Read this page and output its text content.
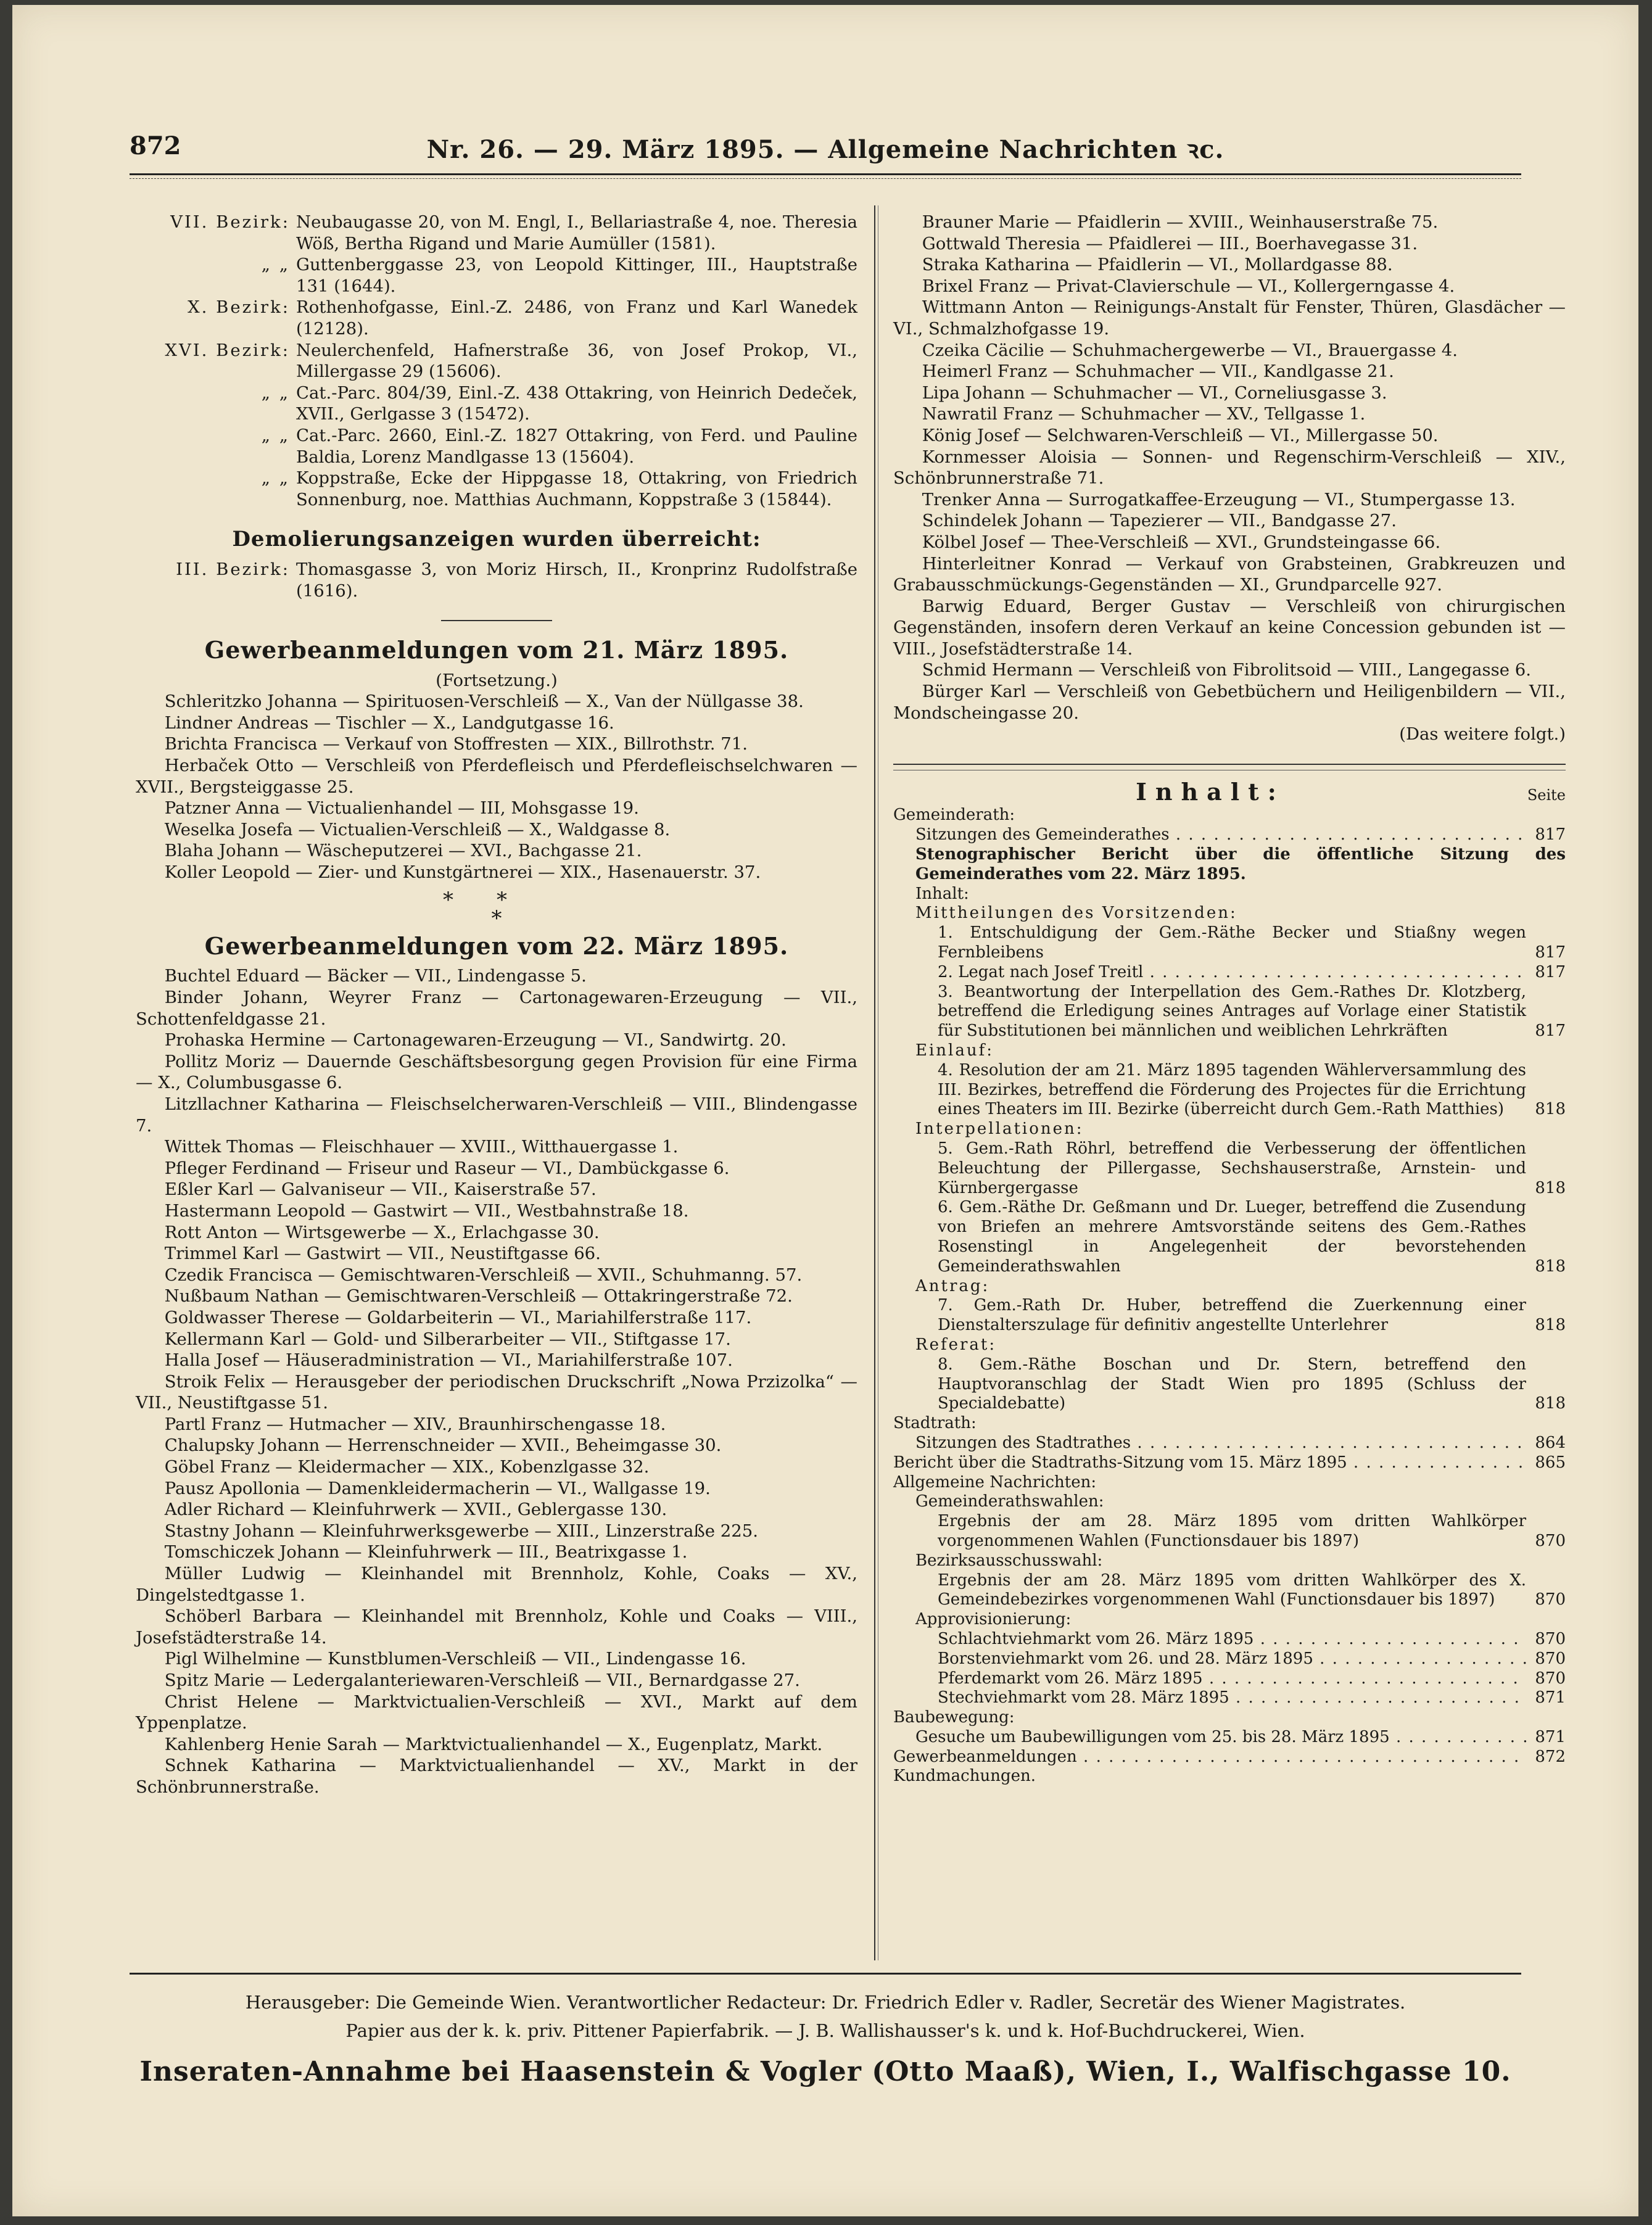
872	Nr. 26. — 29. März 1895. — Allgemeine Nachrichten ꝛc.
VII. Bezirk: Neubaugasse 20, von M. Engl, I., Bellariastraße 4, noe. Theresia Wöß, Bertha Rigand und Marie Aumüller (1581).
„ „ Guttenberggasse 23, von Leopold Kittinger, III., Hauptstraße 131 (1644).
X. Bezirk: Rothenhofgasse, Einl.-Z. 2486, von Franz und Karl Wanedek (12128).
XVI. Bezirk: Neulerchenfeld, Hafnerstraße 36, von Josef Prokop, VI., Millergasse 29 (15606).
„ „ Cat.-Parc. 804/39, Einl.-Z. 438 Ottakring, von Heinrich Dedeček, XVII., Gerlgasse 3 (15472).
„ „ Cat.-Parc. 2660, Einl.-Z. 1827 Ottakring, von Ferd. und Pauline Baldia, Lorenz Mandlgasse 13 (15604).
„ „ Koppstraße, Ecke der Hippgasse 18, Ottakring, von Friedrich Sonnenburg, noe. Matthias Auchmann, Koppstraße 3 (15844).
Demolierungsanzeigen wurden überreicht:
III. Bezirk: Thomasgasse 3, von Moriz Hirsch, II., Kronprinz Rudolfstraße (1616).
Gewerbeanmeldungen vom 21. März 1895.

(Fortsetzung.)

Schleritzko Johanna — Spirituosen-Verschleiß — X., Van der Nüllgasse 38.

Lindner Andreas — Tischler — X., Landgutgasse 16.

Brichta Francisca — Verkauf von Stoffresten — XIX., Billrothstr. 71.

Herbaček Otto — Verschleiß von Pferdefleisch und Pferdefleischselchwaren — XVII., Bergsteiggasse 25.

Patzner Anna — Victualienhandel — III, Mohsgasse 19.

Weselka Josefa — Victualien-Verschleiß — X., Waldgasse 8.

Blaha Johann — Wäscheputzerei — XVI., Bachgasse 21.

Koller Leopold — Zier- und Kunstgärtnerei — XIX., Hasenauerstr. 37.

**
*
Gewerbeanmeldungen vom 22. März 1895.

Buchtel Eduard — Bäcker — VII., Lindengasse 5.

Binder Johann, Weyrer Franz — Cartonagewaren-Erzeugung — VII., Schottenfeldgasse 21.

Prohaska Hermine — Cartonagewaren-Erzeugung — VI., Sandwirtg. 20.

Pollitz Moriz — Dauernde Geschäftsbesorgung gegen Provision für eine Firma — X., Columbusgasse 6.

Litzllachner Katharina — Fleischselcherwaren-Verschleiß — VIII., Blindengasse 7.

Wittek Thomas — Fleischhauer — XVIII., Witthauergasse 1.

Pfleger Ferdinand — Friseur und Raseur — VI., Dambückgasse 6.

Eßler Karl — Galvaniseur — VII., Kaiserstraße 57.

Hastermann Leopold — Gastwirt — VII., Westbahnstraße 18.

Rott Anton — Wirtsgewerbe — X., Erlachgasse 30.

Trimmel Karl — Gastwirt — VII., Neustiftgasse 66.

Czedik Francisca — Gemischtwaren-Verschleiß — XVII., Schuhmanng. 57.

Nußbaum Nathan — Gemischtwaren-Verschleiß — Ottakringerstraße 72.

Goldwasser Therese — Goldarbeiterin — VI., Mariahilferstraße 117.

Kellermann Karl — Gold- und Silberarbeiter — VII., Stiftgasse 17.

Halla Josef — Häuseradministration — VI., Mariahilferstraße 107.

Stroik Felix — Herausgeber der periodischen Druckschrift „Nowa Przizolka“ — VII., Neustiftgasse 51.

Partl Franz — Hutmacher — XIV., Braunhirschengasse 18.

Chalupsky Johann — Herrenschneider — XVII., Beheimgasse 30.

Göbel Franz — Kleidermacher — XIX., Kobenzlgasse 32.

Pausz Apollonia — Damenkleidermacherin — VI., Wallgasse 19.

Adler Richard — Kleinfuhrwerk — XVII., Geblergasse 130.

Stastny Johann — Kleinfuhrwerksgewerbe — XIII., Linzerstraße 225.

Tomschiczek Johann — Kleinfuhrwerk — III., Beatrixgasse 1.

Müller Ludwig — Kleinhandel mit Brennholz, Kohle, Coaks — XV., Dingelstedtgasse 1.

Schöberl Barbara — Kleinhandel mit Brennholz, Kohle und Coaks — VIII., Josefstädterstraße 14.

Pigl Wilhelmine — Kunstblumen-Verschleiß — VII., Lindengasse 16.

Spitz Marie — Ledergalanteriewaren-Verschleiß — VII., Bernardgasse 27.

Christ Helene — Marktvictualien-Verschleiß — XVI., Markt auf dem Yppenplatze.

Kahlenberg Henie Sarah — Marktvictualienhandel — X., Eugenplatz, Markt.

Schnek Katharina — Marktvictualienhandel — XV., Markt in der Schönbrunnerstraße.

Brauner Marie — Pfaidlerin — XVIII., Weinhauserstraße 75.

Gottwald Theresia — Pfaidlerei — III., Boerhavegasse 31.

Straka Katharina — Pfaidlerin — VI., Mollardgasse 88.

Brixel Franz — Privat-Clavierschule — VI., Kollergerngasse 4.

Wittmann Anton — Reinigungs-Anstalt für Fenster, Thüren, Glasdächer — VI., Schmalzhofgasse 19.

Czeika Cäcilie — Schuhmachergewerbe — VI., Brauergasse 4.

Heimerl Franz — Schuhmacher — VII., Kandlgasse 21.

Lipa Johann — Schuhmacher — VI., Corneliusgasse 3.

Nawratil Franz — Schuhmacher — XV., Tellgasse 1.

König Josef — Selchwaren-Verschleiß — VI., Millergasse 50.

Kornmesser Aloisia — Sonnen- und Regenschirm-Verschleiß — XIV., Schönbrunnerstraße 71.

Trenker Anna — Surrogatkaffee-Erzeugung — VI., Stumpergasse 13.

Schindelek Johann — Tapezierer — VII., Bandgasse 27.

Kölbel Josef — Thee-Verschleiß — XVI., Grundsteingasse 66.

Hinterleitner Konrad — Verkauf von Grabsteinen, Grabkreuzen und Grabausschmückungs-Gegenständen — XI., Grundparcelle 927.

Barwig Eduard, Berger Gustav — Verschleiß von chirurgischen Gegenständen, insofern deren Verkauf an keine Concession gebunden ist — VIII., Josefstädterstraße 14.

Schmid Hermann — Verschleiß von Fibrolitsoid — VIII., Langegasse 6.

Bürger Karl — Verschleiß von Gebetbüchern und Heiligenbildern — VII., Mondscheingasse 20.

(Das weitere folgt.)

Inhalt:	Seite

Gemeinderath:

Sitzungen des Gemeinderathes . . .	817

Stenographischer Bericht über die öffentliche Sitzung des Gemeinderathes vom 22. März 1895.

Inhalt:

Mittheilungen des Vorsitzenden:

1. Entschuldigung der Gem.-Räthe Becker und Stiaßny wegen Fernbleibens	817
2. Legat nach Josef Treitl . . .	817
3. Beantwortung der Interpellation des Gem.-Rathes Dr. Klotzberg, betreffend die Erledigung seines Antrages auf Vorlage einer Statistik für Substitutionen bei männlichen und weiblichen Lehrkräften	817

Einlauf:

4. Resolution der am 21. März 1895 tagenden Wählerversammlung des III. Bezirkes, betreffend die Förderung des Projectes für die Errichtung eines Theaters im III. Bezirke (überreicht durch Gem.-Rath Matthies)	818

Interpellationen:

5. Gem.-Rath Röhrl, betreffend die Verbesserung der öffentlichen Beleuchtung der Pillergasse, Sechshauserstraße, Arnstein- und Kürnbergergasse	818
6. Gem.-Räthe Dr. Geßmann und Dr. Lueger, betreffend die Zusendung von Briefen an mehrere Amtsvorstände seitens des Gem.-Rathes Rosenstingl in Angelegenheit der bevorstehenden Gemeinderathswahlen	818

Antrag:

7. Gem.-Rath Dr. Huber, betreffend die Zuerkennung einer Dienstalterszulage für definitiv angestellte Unterlehrer	818

Referat:

8. Gem.-Räthe Boschan und Dr. Stern, betreffend den Hauptvoranschlag der Stadt Wien pro 1895 (Schluss der Specialdebatte)	818

Stadtrath:

Sitzungen des Stadtrathes . . .	864
Bericht über die Stadtraths-Sitzung vom 15. März 1895 . . .	865

Allgemeine Nachrichten:

Gemeinderathswahlen:

Ergebnis der am 28. März 1895 vom dritten Wahlkörper vorgenommenen Wahlen (Functionsdauer bis 1897)	870

Bezirksausschusswahl:

Ergebnis der am 28. März 1895 vom dritten Wahlkörper des X. Gemeindebezirkes vorgenommenen Wahl (Functionsdauer bis 1897)	870

Approvisionierung:

Schlachtviehmarkt vom 26. März 1895 . . .	870
Borstenviehmarkt vom 26. und 28. März 1895 . . .	870
Pferdemarkt vom 26. März 1895 . . .	870
Stechviehmarkt vom 28. März 1895 . . .	871

Baubewegung:

Gesuche um Baubewilligungen vom 25. bis 28. März 1895 . . .	871
Gewerbeanmeldungen . . .	872

Kundmachungen.

Herausgeber: Die Gemeinde Wien. Verantwortlicher Redacteur: Dr. Friedrich Edler v. Radler, Secretär des Wiener Magistrates.

Papier aus der k. k. priv. Pittener Papierfabrik. — J. B. Wallishausser's k. und k. Hof-Buchdruckerei, Wien.

Inseraten-Annahme bei Haasenstein & Vogler (Otto Maaß), Wien, I., Walfischgasse 10.
